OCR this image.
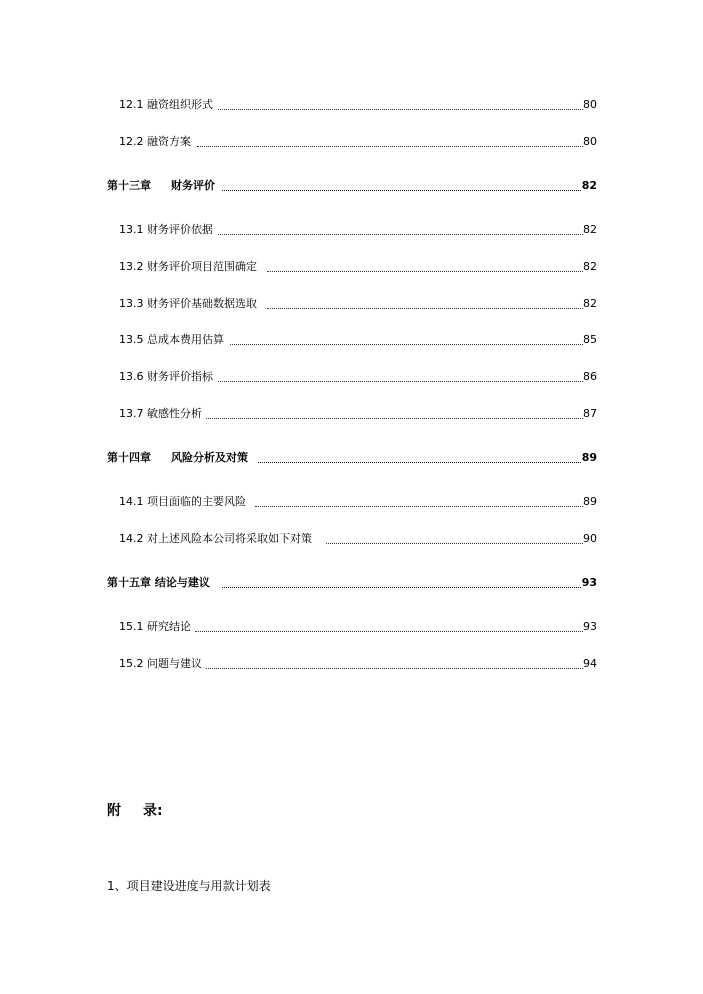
12.1 融资组织形式	80
12.2 融资方案	80
第十三章 财务评价	82
13.1 财务评价依据	82
13.2 财务评价项目范围确定	82
13.3 财务评价基础数据选取	82
13.5 总成本费用估算	85
13.6 财务评价指标	86
13.7 敏感性分析	87
第十四章 风险分析及对策	89
14.1 项目面临的主要风险	89
14.2 对上述风险本公司将采取如下对策	90
第十五章 结论与建议	93
15.1 研究结论	93
15.2 问题与建议	94
附 录:
1、项目建设进度与用款计划表
